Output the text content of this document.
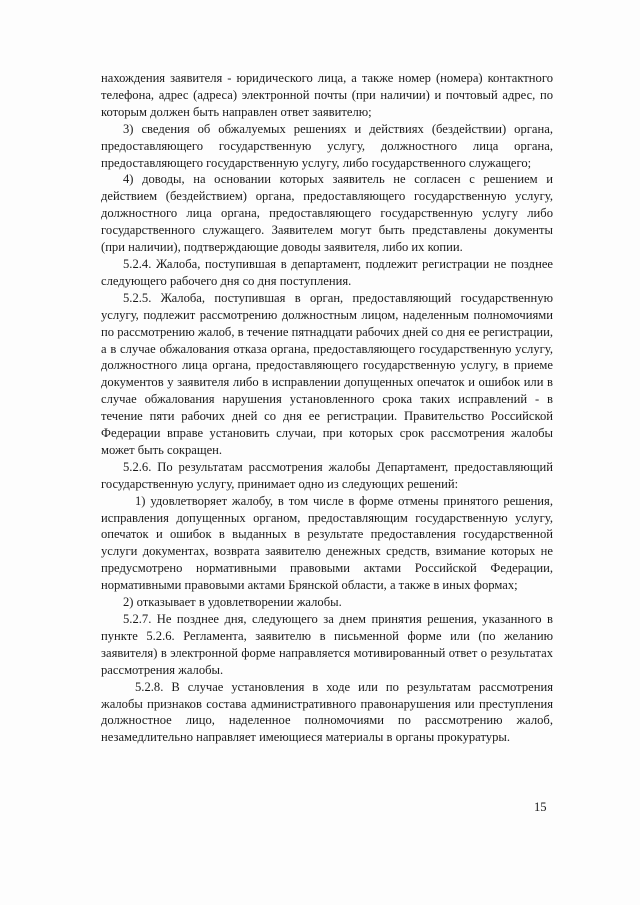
нахождения заявителя - юридического лица, а также номер (номера) контактного телефона, адрес (адреса) электронной почты (при наличии) и почтовый адрес, по которым должен быть направлен ответ заявителю;

3) сведения об обжалуемых решениях и действиях (бездействии) органа, предоставляющего государственную услугу, должностного лица органа, предоставляющего государственную услугу, либо государственного служащего;

4) доводы, на основании которых заявитель не согласен с решением и действием (бездействием) органа, предоставляющего государственную услугу, должностного лица органа, предоставляющего государственную услугу либо государственного служащего. Заявителем могут быть представлены документы (при наличии), подтверждающие доводы заявителя, либо их копии.

5.2.4. Жалоба, поступившая в департамент, подлежит регистрации не позднее следующего рабочего дня со дня поступления.

5.2.5. Жалоба, поступившая в орган, предоставляющий государственную услугу, подлежит рассмотрению должностным лицом, наделенным полномочиями по рассмотрению жалоб, в течение пятнадцати рабочих дней со дня ее регистрации, а в случае обжалования отказа органа, предоставляющего государственную услугу, должностного лица органа, предоставляющего государственную услугу, в приеме документов у заявителя либо в исправлении допущенных опечаток и ошибок или в случае обжалования нарушения установленного срока таких исправлений - в течение пяти рабочих дней со дня ее регистрации. Правительство Российской Федерации вправе установить случаи, при которых срок рассмотрения жалобы может быть сокращен.

5.2.6. По результатам рассмотрения жалобы Департамент, предоставляющий государственную услугу, принимает одно из следующих решений:

1) удовлетворяет жалобу, в том числе в форме отмены принятого решения, исправления допущенных органом, предоставляющим государственную услугу, опечаток и ошибок в выданных в результате предоставления государственной услуги документах, возврата заявителю денежных средств, взимание которых не предусмотрено нормативными правовыми актами Российской Федерации, нормативными правовыми актами Брянской области, а также в иных формах;

2) отказывает в удовлетворении жалобы.

5.2.7. Не позднее дня, следующего за днем принятия решения, указанного в пункте 5.2.6. Регламента, заявителю в письменной форме или (по желанию заявителя) в электронной форме направляется мотивированный ответ о результатах рассмотрения жалобы.

5.2.8. В случае установления в ходе или по результатам рассмотрения жалобы признаков состава административного правонарушения или преступления должностное лицо, наделенное полномочиями по рассмотрению жалоб, незамедлительно направляет имеющиеся материалы в органы прокуратуры.

15
